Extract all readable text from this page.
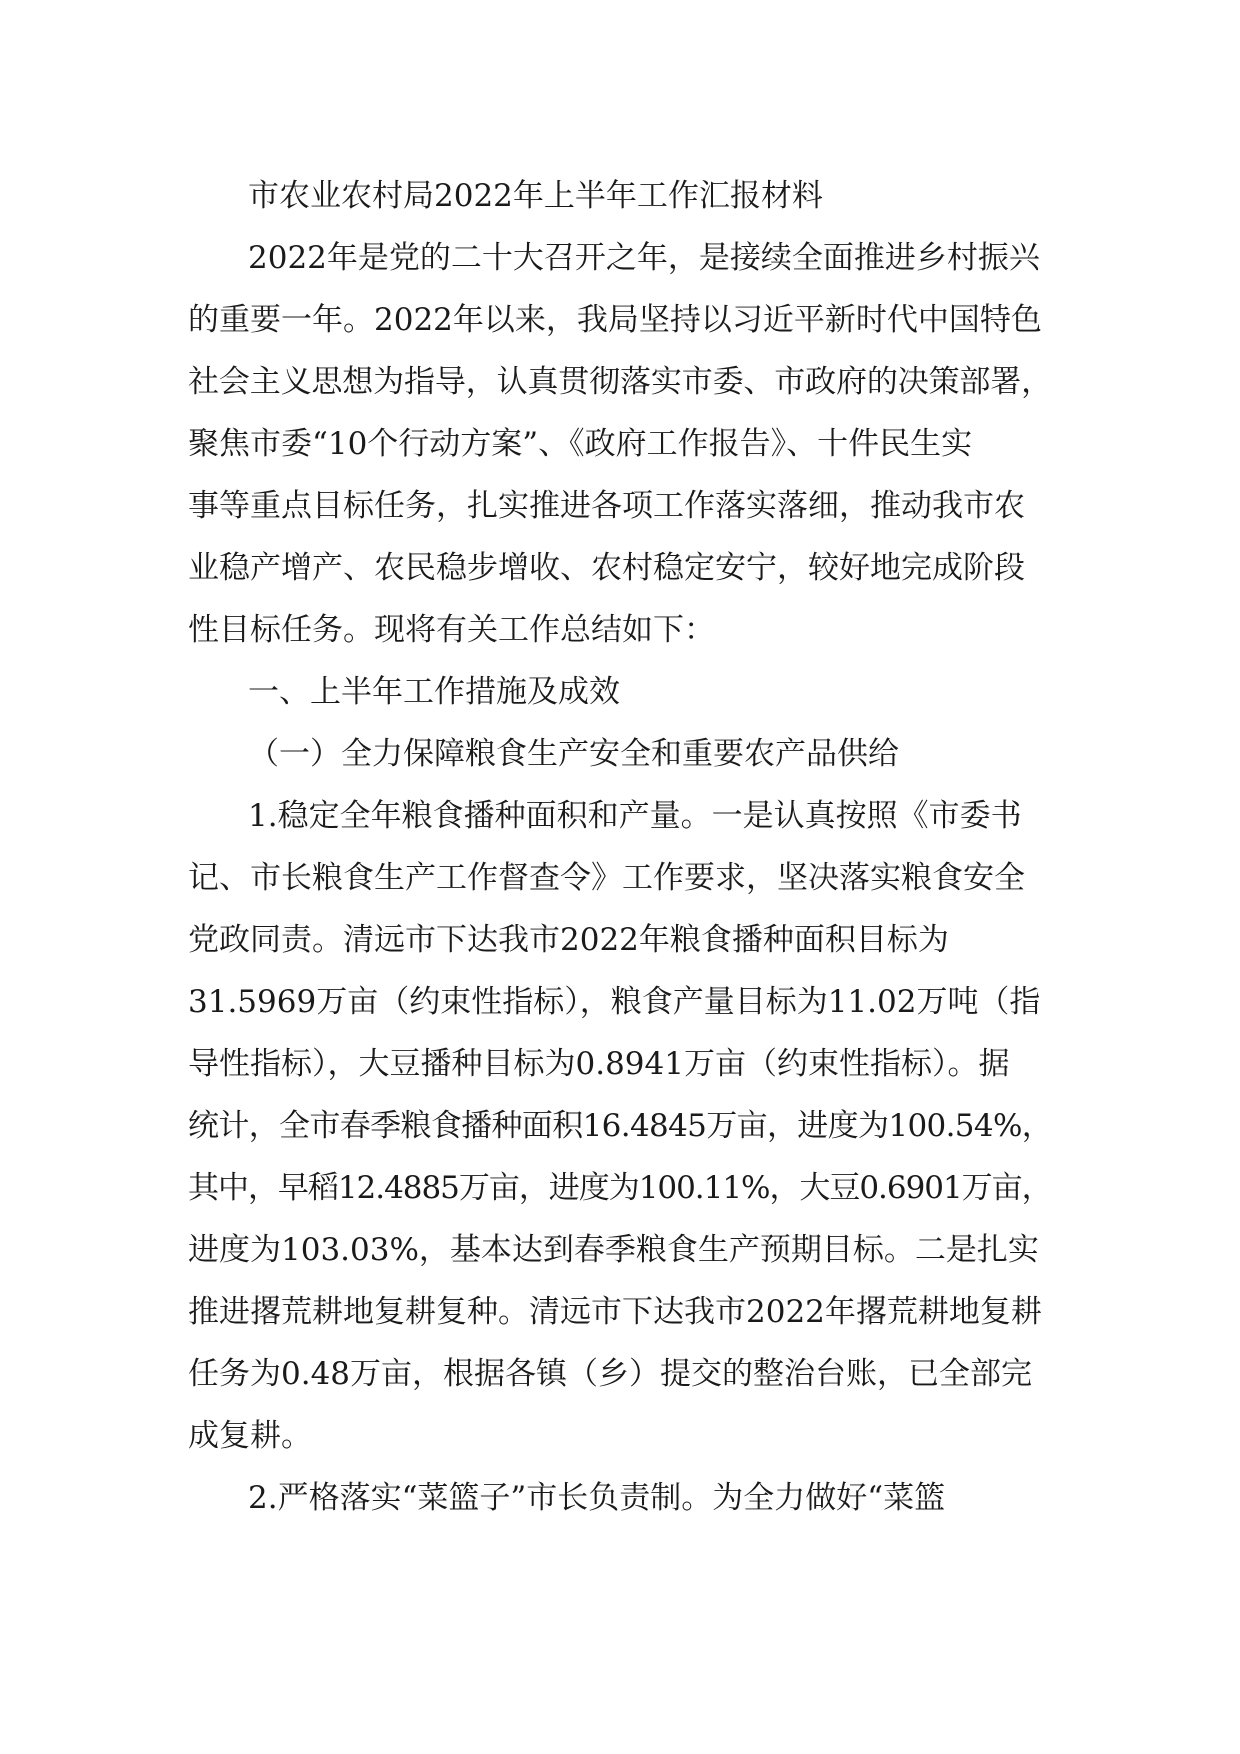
市农业农村局2022年上半年工作汇报材料
2022年是党的二十大召开之年，是接续全面推进乡村振兴
的重要一年。2022年以来，我局坚持以习近平新时代中国特色
社会主义思想为指导，认真贯彻落实市委、市政府的决策部署，
聚焦市委“10个行动方案”、《政府工作报告》、十件民生实
事等重点目标任务，扎实推进各项工作落实落细，推动我市农
业稳产增产、农民稳步增收、农村稳定安宁，较好地完成阶段
性目标任务。现将有关工作总结如下：
一、上半年工作措施及成效
（一）全力保障粮食生产安全和重要农产品供给
1.稳定全年粮食播种面积和产量。一是认真按照《市委书
记、市长粮食生产工作督查令》工作要求，坚决落实粮食安全
党政同责。清远市下达我市2022年粮食播种面积目标为
31.5969万亩（约束性指标），粮食产量目标为11.02万吨（指
导性指标），大豆播种目标为0.8941万亩（约束性指标）。据
统计，全市春季粮食播种面积16.4845万亩，进度为100.54%，
其中，早稻12.4885万亩，进度为100.11%，大豆0.6901万亩，
进度为103.03%，基本达到春季粮食生产预期目标。二是扎实
推进撂荒耕地复耕复种。清远市下达我市2022年撂荒耕地复耕
任务为0.48万亩，根据各镇（乡）提交的整治台账，已全部完
成复耕。
2.严格落实“菜篮子”市长负责制。为全力做好“菜篮
